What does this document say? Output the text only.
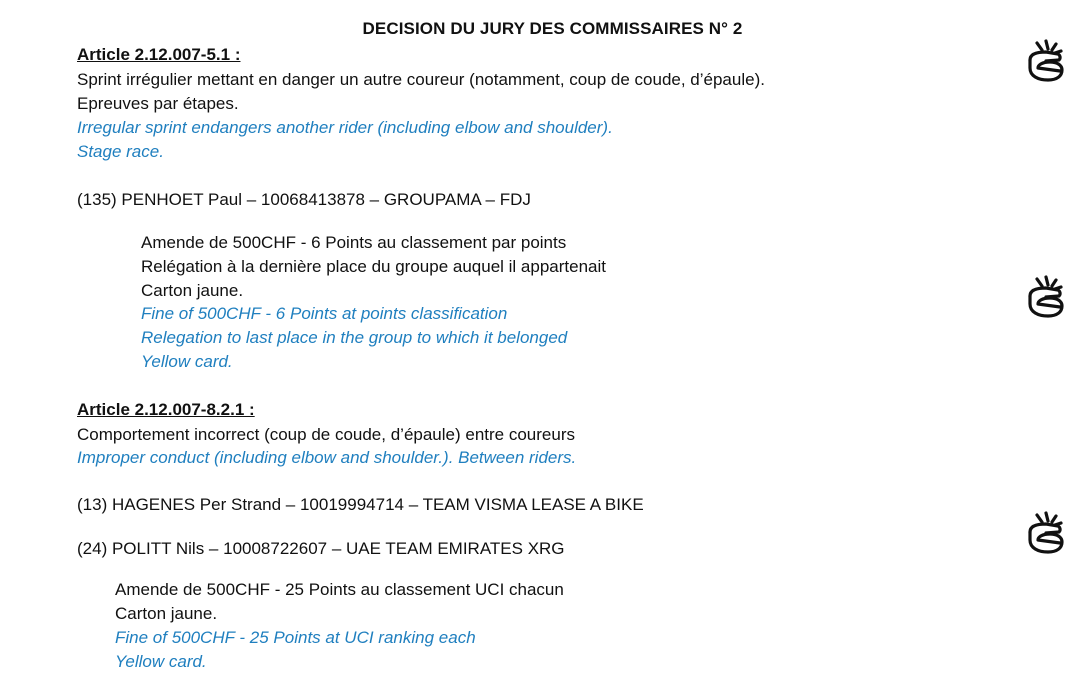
DECISION DU JURY DES COMMISSAIRES N° 2
Article 2.12.007-5.1 :
Sprint irrégulier mettant en danger un autre coureur (notamment, coup de coude, d’épaule).
Epreuves par étapes.
Irregular sprint endangers another rider (including elbow and shoulder).
Stage race.
(135) PENHOET Paul – 10068413878 – GROUPAMA – FDJ
Amende de 500CHF - 6 Points au classement par points
Relégation à la dernière place du groupe auquel il appartenait
Carton jaune.
Fine of 500CHF - 6 Points at points classification
Relegation to last place in the group to which it belonged
Yellow card.
Article 2.12.007-8.2.1 :
Comportement incorrect (coup de coude, d’épaule) entre coureurs
Improper conduct (including elbow and shoulder.). Between riders.
(13) HAGENES Per Strand – 10019994714 – TEAM VISMA LEASE A BIKE
(24) POLITT Nils – 10008722607 – UAE TEAM EMIRATES XRG
Amende de 500CHF - 25 Points au classement UCI chacun
Carton jaune.
Fine of 500CHF - 25 Points at UCI ranking each
Yellow card.
